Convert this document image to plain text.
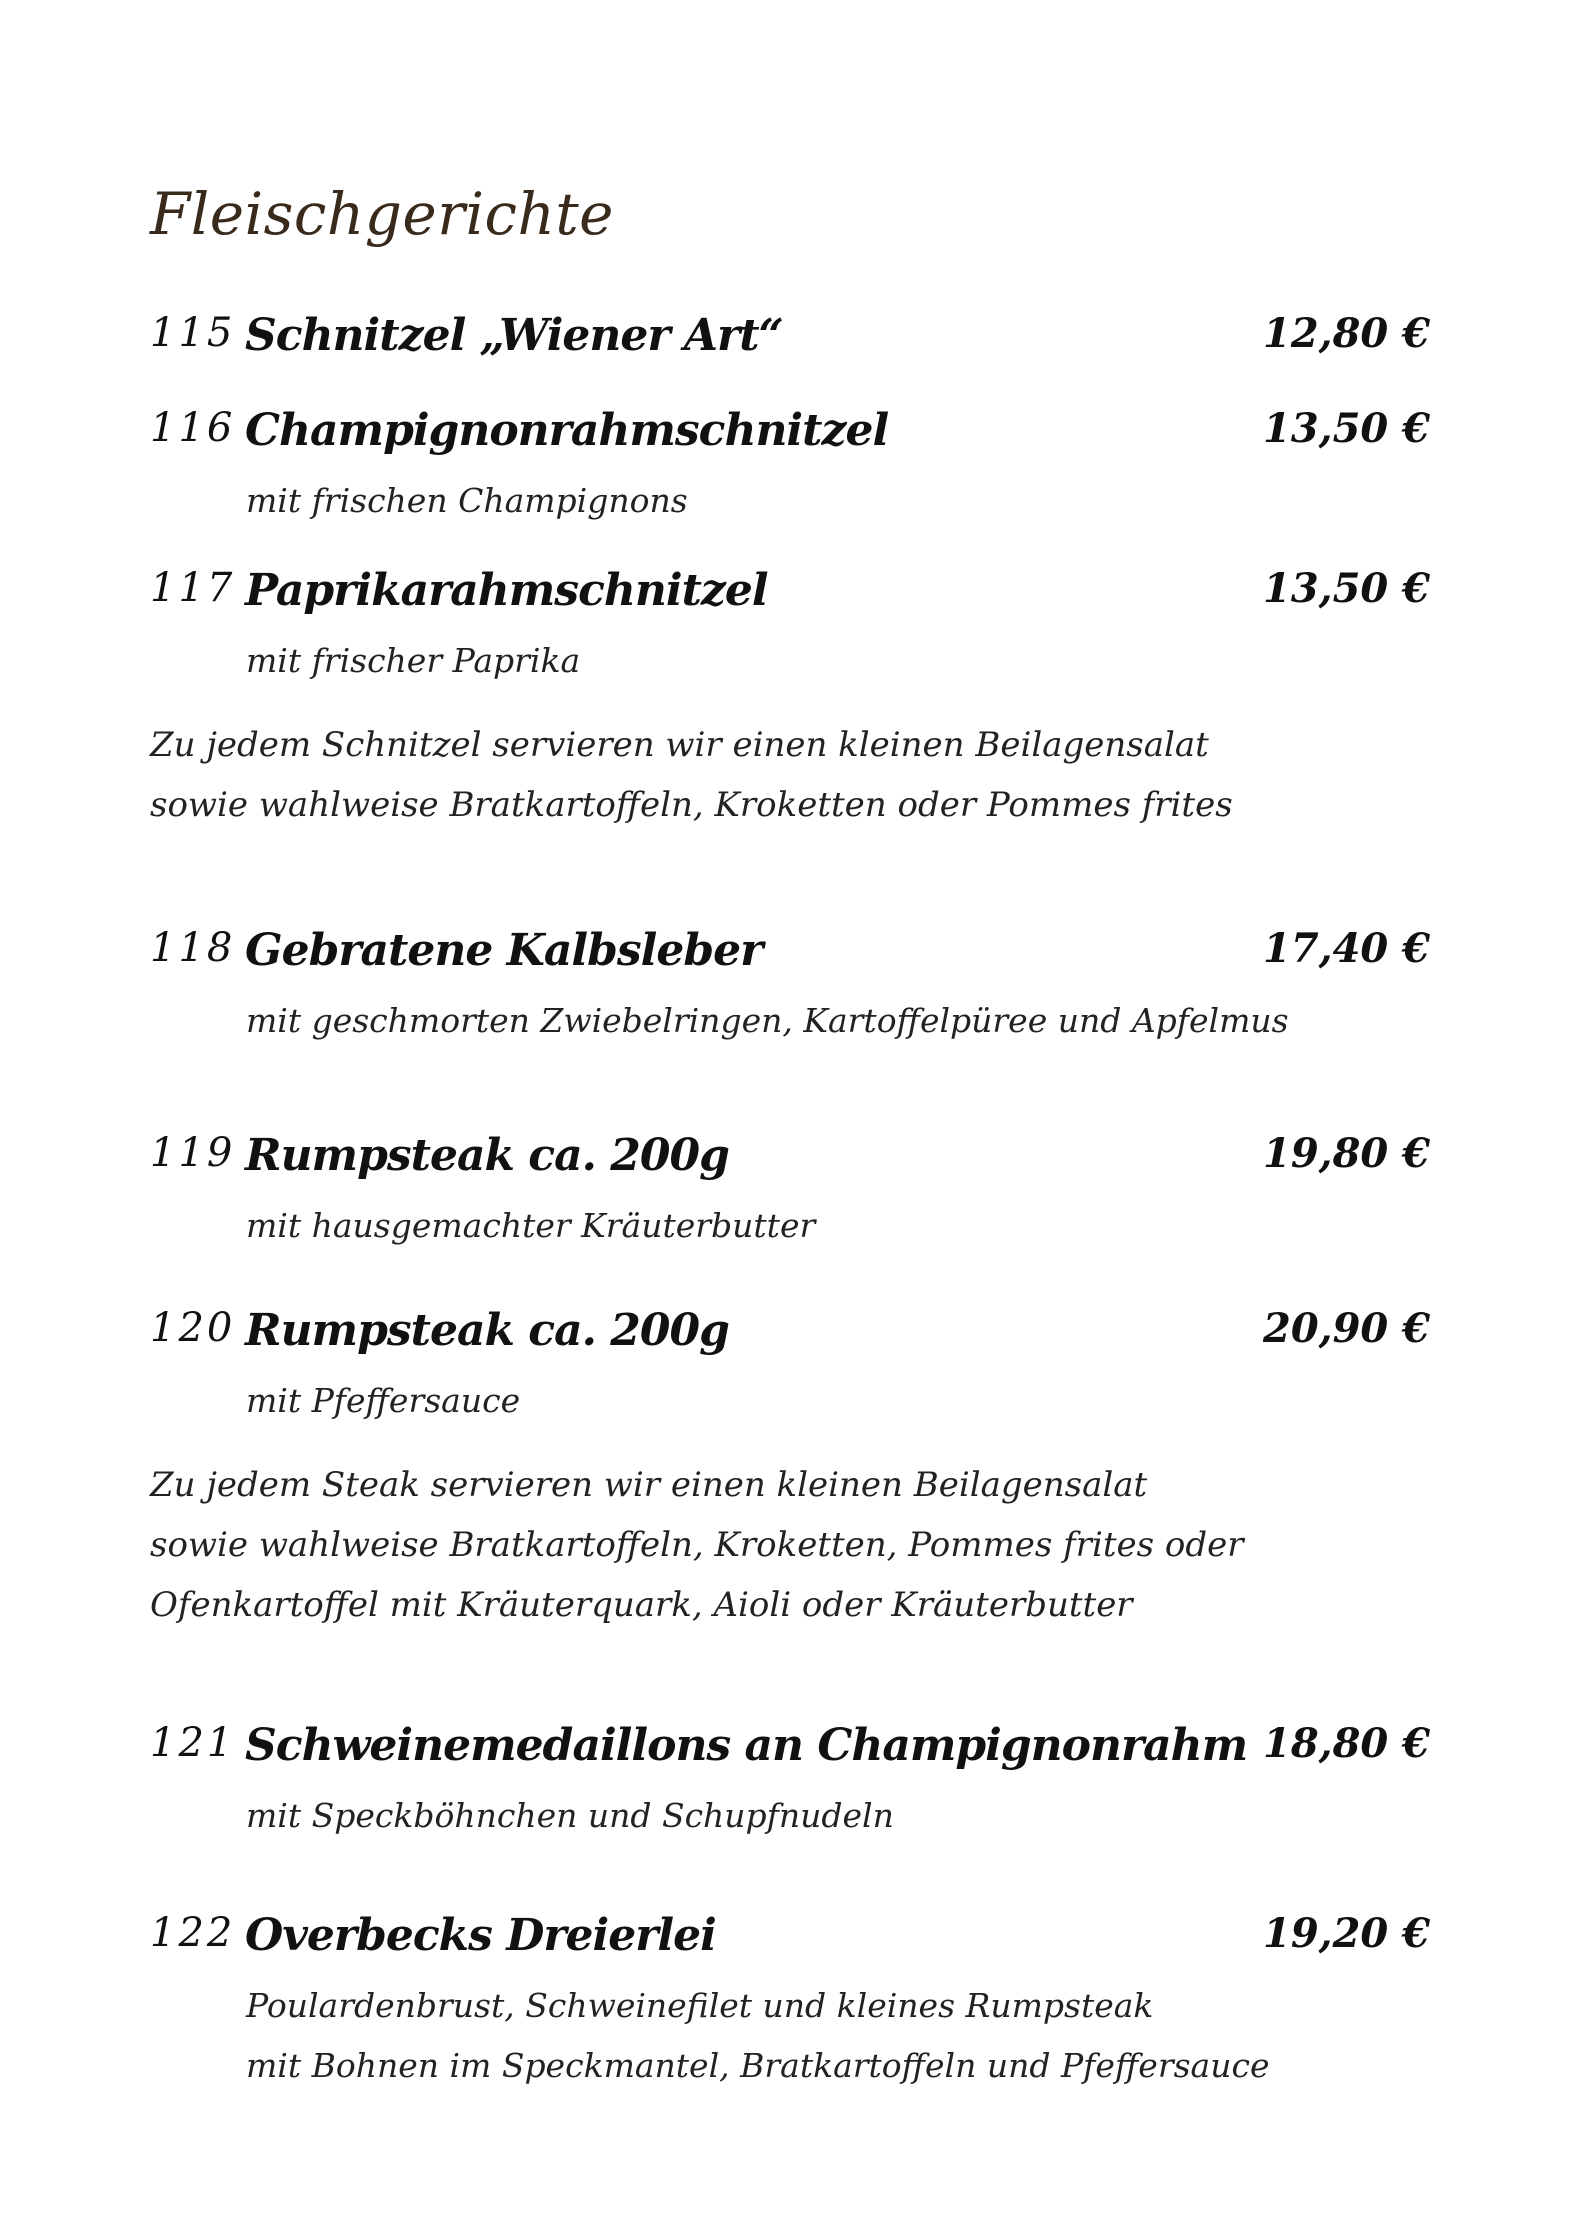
Fleischgerichte
115 Schnitzel „Wiener Art“	12,80 €
116 Champignonrahmschnitzel	13,50 €
mit frischen Champignons
117 Paprikarahmschnitzel	13,50 €
mit frischer Paprika
Zu jedem Schnitzel servieren wir einen kleinen Beilagensalat
sowie wahlweise Bratkartoffeln, Kroketten oder Pommes frites
118 Gebratene Kalbsleber	17,40 €
mit geschmorten Zwiebelringen, Kartoffelpüree und Apfelmus
119 Rumpsteak ca. 200g	19,80 €
mit hausgemachter Kräuterbutter
120 Rumpsteak ca. 200g	20,90 €
mit Pfeffersauce
Zu jedem Steak servieren wir einen kleinen Beilagensalat
sowie wahlweise Bratkartoffeln, Kroketten, Pommes frites oder
Ofenkartoffel mit Kräuterquark, Aioli oder Kräuterbutter
121 Schweinemedaillons an Champignonrahm 18,80 €
mit Speckböhnchen und Schupfnudeln
122 Overbecks Dreierlei	19,20 €
Poulardenbrust, Schweinefilet und kleines Rumpsteak
mit Bohnen im Speckmantel, Bratkartoffeln und Pfeffersauce
